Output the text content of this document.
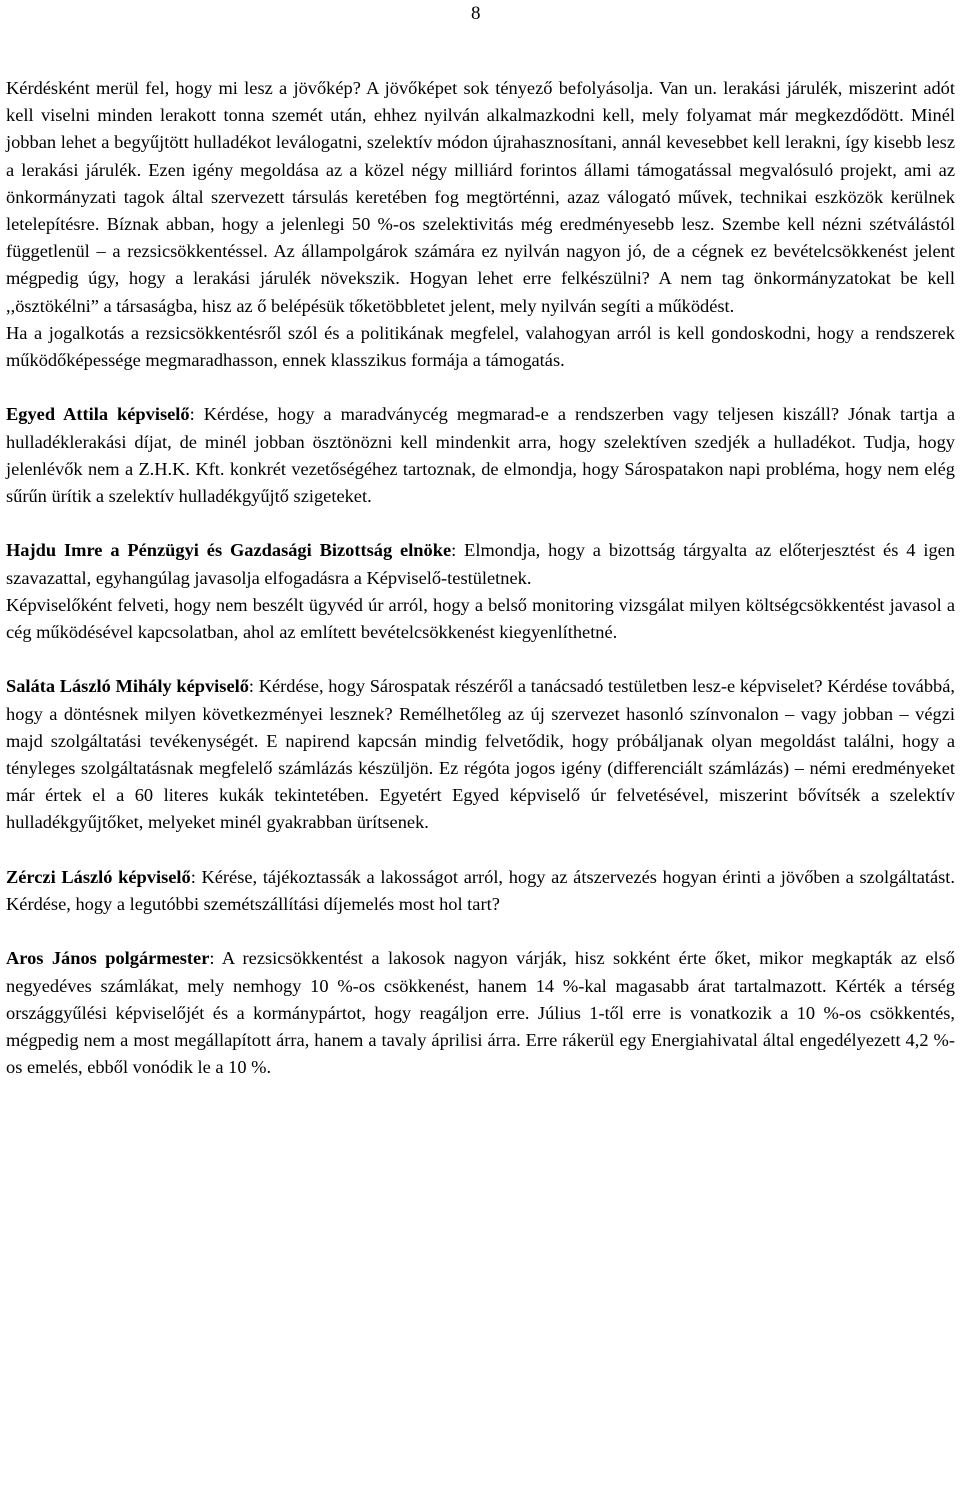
8

Kérdésként merül fel, hogy mi lesz a jövőkép? A jövőképet sok tényező befolyásolja. Van un. lerakási járulék, miszerint adót kell viselni minden lerakott tonna szemét után, ehhez nyilván alkalmazkodni kell, mely folyamat már megkezdődött. Minél jobban lehet a begyűjtött hulladékot leválogatni, szelektív módon újrahasznosítani, annál kevesebbet kell lerakni, így kisebb lesz a lerakási járulék. Ezen igény megoldása az a közel négy milliárd forintos állami támogatással megvalósuló projekt, ami az önkormányzati tagok által szervezett társulás keretében fog megtörténni, azaz válogató művek, technikai eszközök kerülnek letelepítésre. Bíznak abban, hogy a jelenlegi 50 %-os szelektivitás még eredményesebb lesz. Szembe kell nézni szétválástól függetlenül – a rezsicsökkentéssel. Az állampolgárok számára ez nyilván nagyon jó, de a cégnek ez bevételcsökkenést jelent mégpedig úgy, hogy a lerakási járulék növekszik. Hogyan lehet erre felkészülni? A nem tag önkormányzatokat be kell ,,ösztökélni” a társaságba, hisz az ő belépésük tőketöbbletet jelent, mely nyilván segíti a működést.

Ha a jogalkotás a rezsicsökkentésről szól és a politikának megfelel, valahogyan arról is kell gondoskodni, hogy a rendszerek működőképessége megmaradhasson, ennek klasszikus formája a támogatás.

Egyed Attila képviselő: Kérdése, hogy a maradványcég megmarad-e a rendszerben vagy teljesen kiszáll? Jónak tartja a hulladéklerakási díjat, de minél jobban ösztönözni kell mindenkit arra, hogy szelektíven szedjék a hulladékot. Tudja, hogy jelenlévők nem a Z.H.K. Kft. konkrét vezetőségéhez tartoznak, de elmondja, hogy Sárospatakon napi probléma, hogy nem elég sűrűn ürítik a szelektív hulladékgyűjtő szigeteket.

Hajdu Imre a Pénzügyi és Gazdasági Bizottság elnöke: Elmondja, hogy a bizottság tárgyalta az előterjesztést és 4 igen szavazattal, egyhangúlag javasolja elfogadásra a Képviselő-testületnek.

Képviselőként felveti, hogy nem beszélt ügyvéd úr arról, hogy a belső monitoring vizsgálat milyen költségcsökkentést javasol a cég működésével kapcsolatban, ahol az említett bevételcsökkenést kiegyenlíthetné.

Saláta László Mihály képviselő: Kérdése, hogy Sárospatak részéről a tanácsadó testületben lesz-e képviselet? Kérdése továbbá, hogy a döntésnek milyen következményei lesznek? Remélhetőleg az új szervezet hasonló színvonalon – vagy jobban – végzi majd szolgáltatási tevékenységét. E napirend kapcsán mindig felvetődik, hogy próbáljanak olyan megoldást találni, hogy a tényleges szolgáltatásnak megfelelő számlázás készüljön. Ez régóta jogos igény (differenciált számlázás) – némi eredményeket már értek el a 60 literes kukák tekintetében. Egyetért Egyed képviselő úr felvetésével, miszerint bővítsék a szelektív hulladékgyűjtőket, melyeket minél gyakrabban ürítsenek.

Zérczi László képviselő: Kérése, tájékoztassák a lakosságot arról, hogy az átszervezés hogyan érinti a jövőben a szolgáltatást. Kérdése, hogy a legutóbbi szemétszállítási díjemelés most hol tart?

Aros János polgármester: A rezsicsökkentést a lakosok nagyon várják, hisz sokként érte őket, mikor megkapták az első negyedéves számlákat, mely nemhogy 10 %-os csökkenést, hanem 14 %-kal magasabb árat tartalmazott. Kérték a térség országgyűlési képviselőjét és a kormánypártot, hogy reagáljon erre. Július 1-től erre is vonatkozik a 10 %-os csökkentés, mégpedig nem a most megállapított árra, hanem a tavaly áprilisi árra. Erre rákerül egy Energiahivatal által engedélyezett 4,2 %-os emelés, ebből vonódik le a 10 %.
